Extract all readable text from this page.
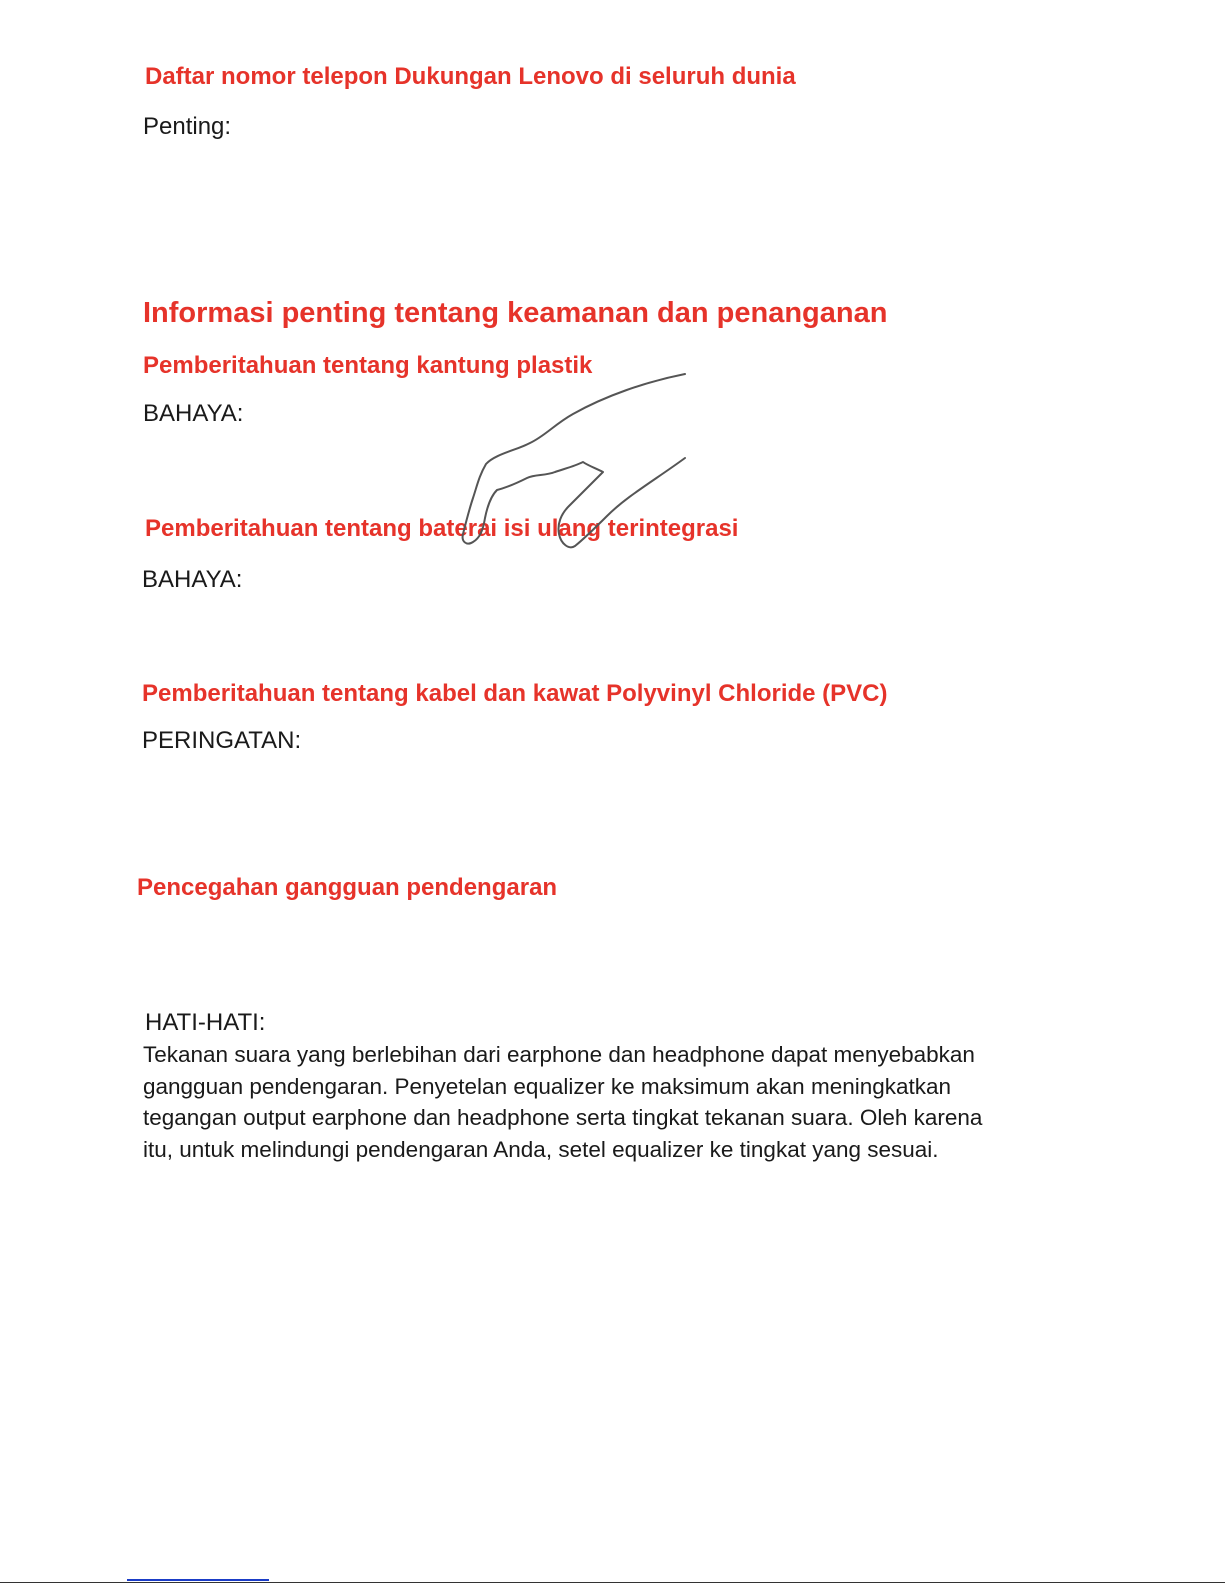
Daftar nomor telepon Dukungan Lenovo di seluruh dunia
Penting:
Informasi penting tentang keamanan dan penanganan
Pemberitahuan tentang kantung plastik
BAHAYA:
Pemberitahuan tentang baterai isi ulang terintegrasi
BAHAYA:
Pemberitahuan tentang kabel dan kawat Polyvinyl Chloride (PVC)
PERINGATAN:
Pencegahan gangguan pendengaran
HATI-HATI:
Tekanan suara yang berlebihan dari earphone dan headphone dapat menyebabkan
gangguan pendengaran. Penyetelan equalizer ke maksimum akan meningkatkan
tegangan output earphone dan headphone serta tingkat tekanan suara. Oleh karena
itu, untuk melindungi pendengaran Anda, setel equalizer ke tingkat yang sesuai.
